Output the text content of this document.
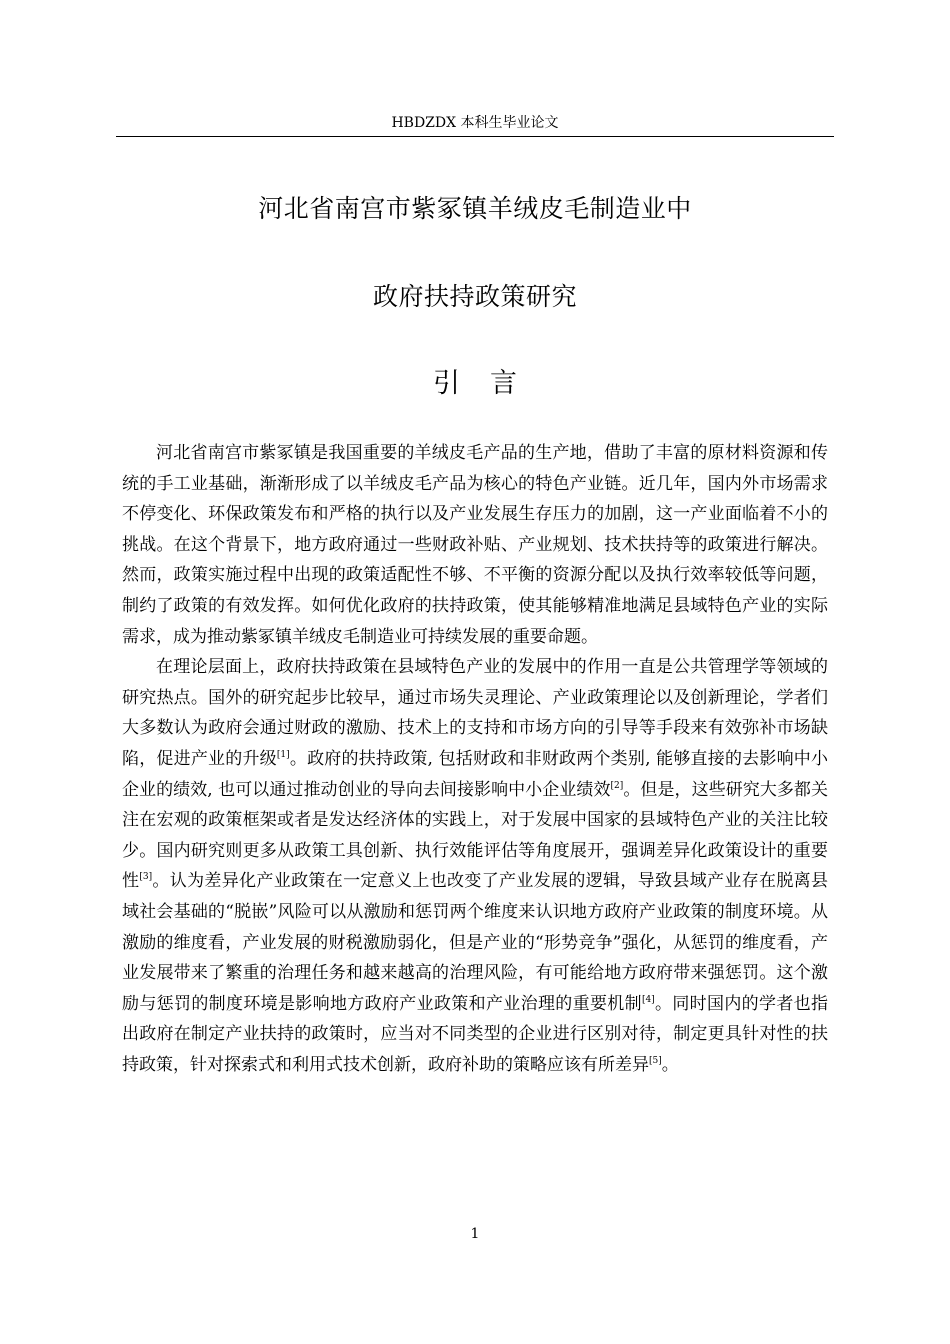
HBDZDX 本科生毕业论文
河北省南宫市紫冢镇羊绒皮毛制造业中
政府扶持政策研究
引言

河北省南宫市紫冢镇是我国重要的羊绒皮毛产品的生产地，借助了丰富的原材料资源和传统的手工业基础，渐渐形成了以羊绒皮毛产品为核心的特色产业链。近几年，国内外市场需求不停变化、环保政策发布和严格的执行以及产业发展生存压力的加剧，这一产业面临着不小的挑战。在这个背景下，地方政府通过一些财政补贴、产业规划、技术扶持等的政策进行解决。然而，政策实施过程中出现的政策适配性不够、不平衡的资源分配以及执行效率较低等问题，制约了政策的有效发挥。如何优化政府的扶持政策，使其能够精准地满足县域特色产业的实际需求，成为推动紫冢镇羊绒皮毛制造业可持续发展的重要命题。

在理论层面上，政府扶持政策在县域特色产业的发展中的作用一直是公共管理学等领域的研究热点。国外的研究起步比较早，通过市场失灵理论、产业政策理论以及创新理论，学者们大多数认为政府会通过财政的激励、技术上的支持和市场方向的引导等手段来有效弥补市场缺陷，促进产业的升级[1]。政府的扶持政策, 包括财政和非财政两个类别, 能够直接的去影响中小企业的绩效, 也可以通过推动创业的导向去间接影响中小企业绩效[2]。但是，这些研究大多都关注在宏观的政策框架或者是发达经济体的实践上，对于发展中国家的县域特色产业的关注比较少。国内研究则更多从政策工具创新、执行效能评估等角度展开，强调差异化政策设计的重要性[3]。认为差异化产业政策在一定意义上也改变了产业发展的逻辑，导致县域产业存在脱离县域社会基础的“脱嵌”风险可以从激励和惩罚两个维度来认识地方政府产业政策的制度环境。从激励的维度看，产业发展的财税激励弱化，但是产业的“形势竞争”强化，从惩罚的维度看，产业发展带来了繁重的治理任务和越来越高的治理风险，有可能给地方政府带来强惩罚。这个激励与惩罚的制度环境是影响地方政府产业政策和产业治理的重要机制[4]。同时国内的学者也指出政府在制定产业扶持的政策时，应当对不同类型的企业进行区别对待，制定更具针对性的扶持政策，针对探索式和利用式技术创新，政府补助的策略应该有所差异[5]。

1
